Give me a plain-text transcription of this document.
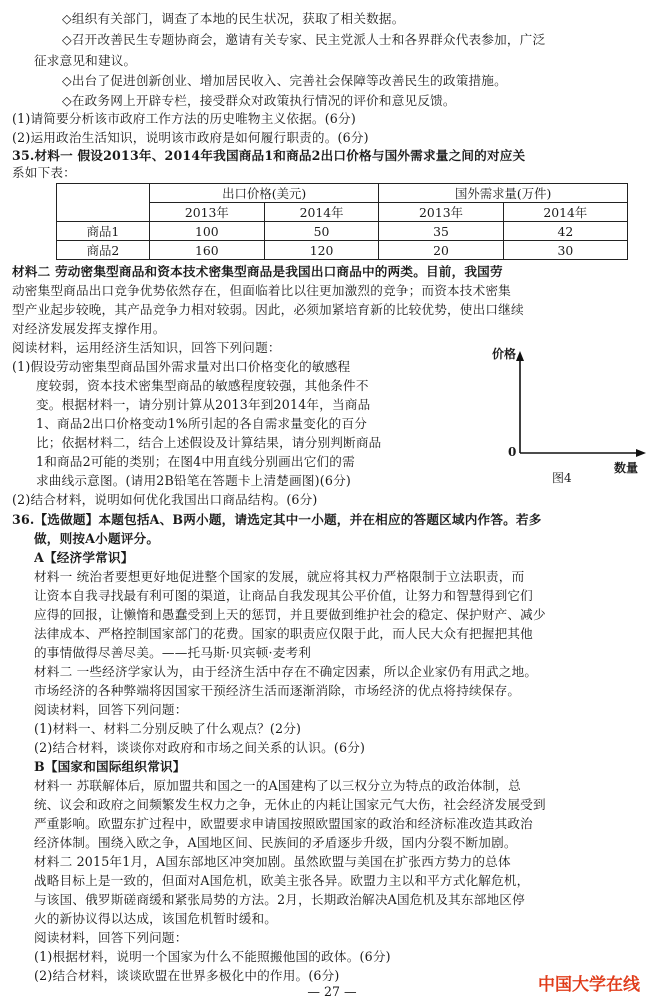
◇组织有关部门，调查了本地的民生状况，获取了相关数据。
◇召开改善民生专题协商会，邀请有关专家、民主党派人士和各界群众代表参加，广泛
征求意见和建议。
◇出台了促进创新创业、增加居民收入、完善社会保障等改善民生的政策措施。
◇在政务网上开辟专栏，接受群众对政策执行情况的评价和意见反馈。
(1)请简要分析该市政府工作方法的历史唯物主义依据。(6分)
(2)运用政治生活知识，说明该市政府是如何履行职责的。(6分)
35.材料一 假设2013年、2014年我国商品1和商品2出口价格与国外需求量之间的对应关
系如下表：
	出口价格(美元)		国外需求量(万件)	
	2013年	2014年	2013年	2014年
商品1	100	50	35	42
商品2	160	120	20	30
材料二 劳动密集型商品和资本技术密集型商品是我国出口商品中的两类。目前，我国劳
动密集型商品出口竞争优势依然存在，但面临着比以往更加激烈的竞争；而资本技术密集
型产业起步较晚，其产品竞争力相对较弱。因此，必须加紧培育新的比较优势，使出口继续
对经济发展发挥支撑作用。
阅读材料，运用经济生活知识，回答下列问题：
(1)假设劳动密集型商品国外需求量对出口价格变化的敏感程
度较弱，资本技术密集型商品的敏感程度较强，其他条件不
变。根据材料一，请分别计算从2013年到2014年，当商品
1、商品2出口价格变动1%所引起的各自需求量变化的百分
比；依据材料二，结合上述假设及计算结果，请分别判断商品
1和商品2可能的类别；在图4中用直线分别画出它们的需
求曲线示意图。(请用2B铅笔在答题卡上清楚画图)(6分)
(2)结合材料，说明如何优化我国出口商品结构。(6分)
价格
0
数量
图4
36.【选做题】本题包括A、B两小题，请选定其中一小题，并在相应的答题区域内作答。若多
做，则按A小题评分。
A【经济学常识】
材料一 统治者要想更好地促进整个国家的发展，就应将其权力严格限制于立法职责，而
让资本自我寻找最有利可图的渠道，让商品自我发现其公平价值，让努力和智慧得到它们
应得的回报，让懒惰和愚蠢受到上天的惩罚，并且要做到维护社会的稳定、保护财产、减少
法律成本、严格控制国家部门的花费。国家的职责应仅限于此，而人民大众有把握把其他
的事情做得尽善尽美。——托马斯·贝宾顿·麦考利
材料二 一些经济学家认为，由于经济生活中存在不确定因素，所以企业家仍有用武之地。
市场经济的各种弊端将因国家干预经济生活而逐渐消除，市场经济的优点将持续保存。
阅读材料，回答下列问题：
(1)材料一、材料二分别反映了什么观点？(2分)
(2)结合材料，谈谈你对政府和市场之间关系的认识。(6分)
B【国家和国际组织常识】
材料一 苏联解体后，原加盟共和国之一的A国建构了以三权分立为特点的政治体制，总
统、议会和政府之间频繁发生权力之争，无休止的内耗让国家元气大伤，社会经济发展受到
严重影响。欧盟东扩过程中，欧盟要求申请国按照欧盟国家的政治和经济标准改造其政治
经济体制。围绕入欧之争，A国地区间、民族间的矛盾逐步升级，国内分裂不断加剧。
材料二 2015年1月，A国东部地区冲突加剧。虽然欧盟与美国在扩张西方势力的总体
战略目标上是一致的，但面对A国危机，欧美主张各异。欧盟力主以和平方式化解危机，
与该国、俄罗斯磋商缓和紧张局势的方法。2月，长期政治解决A国危机及其东部地区停
火的新协议得以达成，该国危机暂时缓和。
阅读材料，回答下列问题：
(1)根据材料，说明一个国家为什么不能照搬他国的政体。(6分)
(2)结合材料，谈谈欧盟在世界多极化中的作用。(6分)
— 27 —	中国大学在线
